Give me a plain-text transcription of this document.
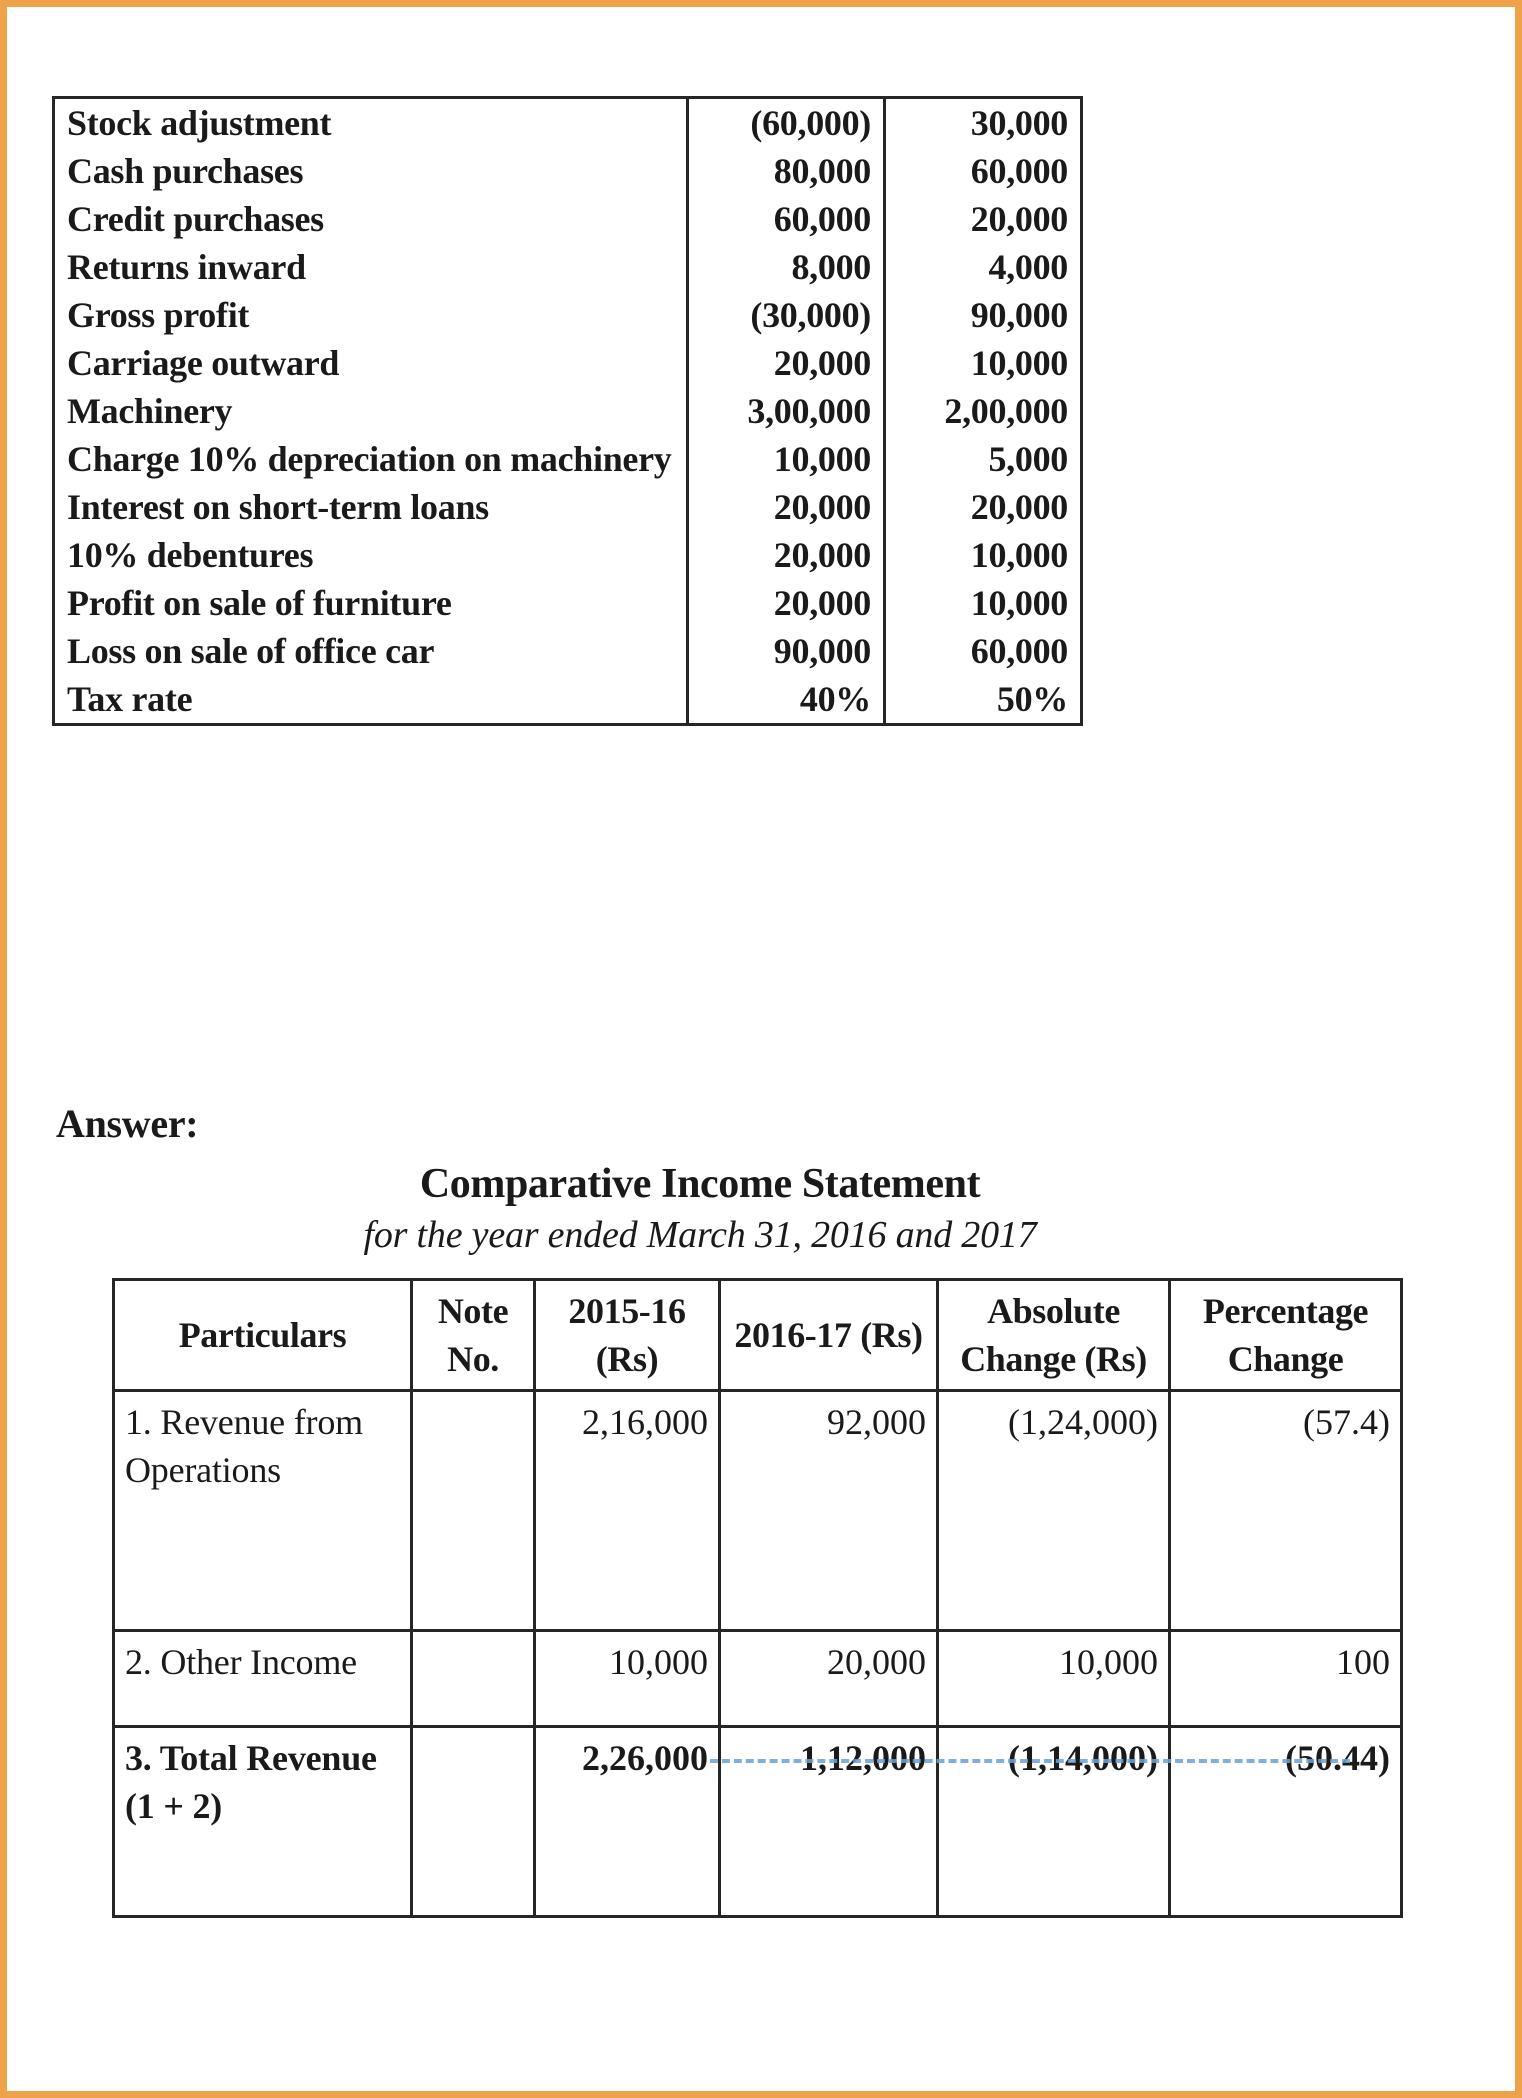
Stock adjustment	(60,000)	30,000
Cash purchases	80,000	60,000
Credit purchases	60,000	20,000
Returns inward	8,000	4,000
Gross profit	(30,000)	90,000
Carriage outward	20,000	10,000
Machinery	3,00,000	2,00,000
Charge 10% depreciation on machinery	10,000	5,000
Interest on short-term loans	20,000	20,000
10% debentures	20,000	10,000
Profit on sale of furniture	20,000	10,000
Loss on sale of office car	90,000	60,000
Tax rate	40%	50%
Answer:
Comparative Income Statement
for the year ended March 31, 2016 and 2017
Particulars	Note No.	2015-16 (Rs)	2016-17 (Rs)	Absolute Change (Rs)	Percentage Change
1. Revenue from Operations		2,16,000	92,000	(1,24,000)	(57.4)
2. Other Income		10,000	20,000	10,000	100
3. Total Revenue (1 + 2)		2,26,000	1,12,000	(1,14,000)	(50.44)
